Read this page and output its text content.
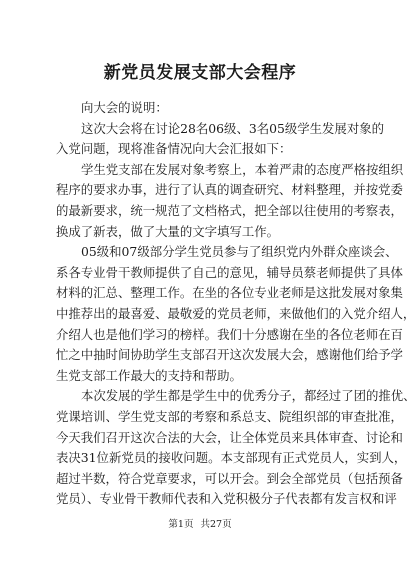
新党员发展支部大会程序
向大会的说明：
这次大会将在讨论28名06级、3名05级学生发展对象的
入党问题，现将准备情况向大会汇报如下：
学生党支部在发展对象考察上，本着严肃的态度严格按组织
程序的要求办事，进行了认真的调查研究、材料整理，并按党委
的最新要求，统一规范了文档格式，把全部以往使用的考察表，
换成了新表，做了大量的文字填写工作。
05级和07级部分学生党员参与了组织党内外群众座谈会、
系各专业骨干教师提供了自己的意见，辅导员蔡老师提供了具体
材料的汇总、整理工作。在坐的各位专业老师是这批发展对象集
中推荐出的最喜爱、最敬爱的党员老师，来做他们的入党介绍人，
介绍人也是他们学习的榜样。我们十分感谢在坐的各位老师在百
忙之中抽时间协助学生支部召开这次发展大会，感谢他们给予学
生党支部工作最大的支持和帮助。
本次发展的学生都是学生中的优秀分子，都经过了团的推优、
党课培训、学生党支部的考察和系总支、院组织部的审查批准，
今天我们召开这次合法的大会，让全体党员来具体审查、讨论和
表决31位新党员的接收问题。本支部现有正式党员人，实到人，
超过半数，符合党章要求，可以开会。到会全部党员（包括预备
党员）、专业骨干教师代表和入党积极分子代表都有发言权和评
第1页 共27页
